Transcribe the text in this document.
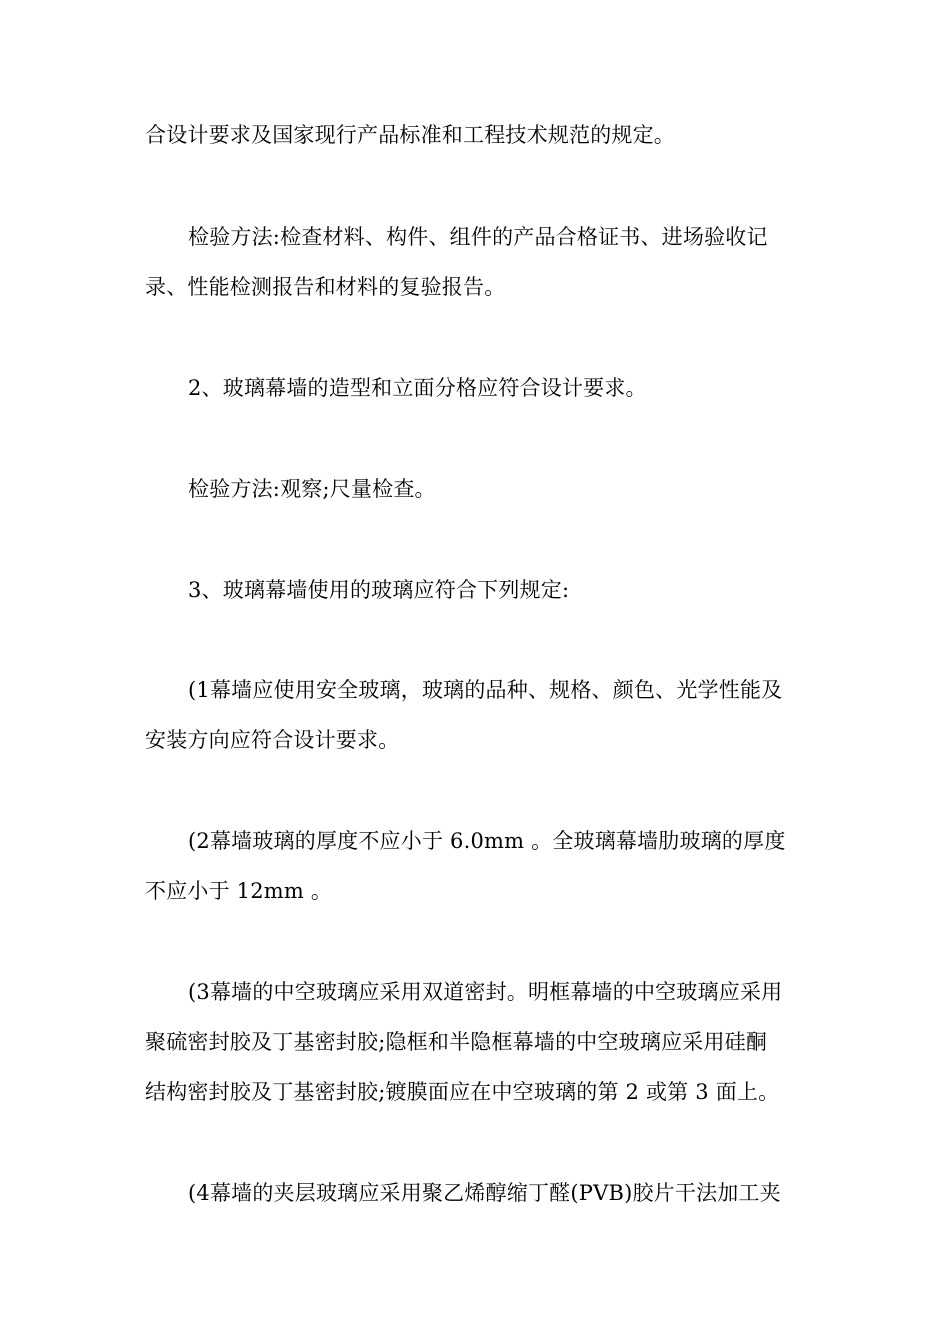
合设计要求及国家现行产品标准和工程技术规范的规定。
检验方法:检查材料、构件、组件的产品合格证书、进场验收记
录、性能检测报告和材料的复验报告。
2、玻璃幕墙的造型和立面分格应符合设计要求。
检验方法:观察;尺量检查。
3、玻璃幕墙使用的玻璃应符合下列规定:
(1幕墙应使用安全玻璃，玻璃的品种、规格、颜色、光学性能及
安装方向应符合设计要求。
(2幕墙玻璃的厚度不应小于 6.0mm 。全玻璃幕墙肋玻璃的厚度
不应小于 12mm 。
(3幕墙的中空玻璃应采用双道密封。明框幕墙的中空玻璃应采用
聚硫密封胶及丁基密封胶;隐框和半隐框幕墙的中空玻璃应采用硅酮
结构密封胶及丁基密封胶;镀膜面应在中空玻璃的第 2 或第 3 面上。
(4幕墙的夹层玻璃应采用聚乙烯醇缩丁醛(PVB)胶片干法加工夹
